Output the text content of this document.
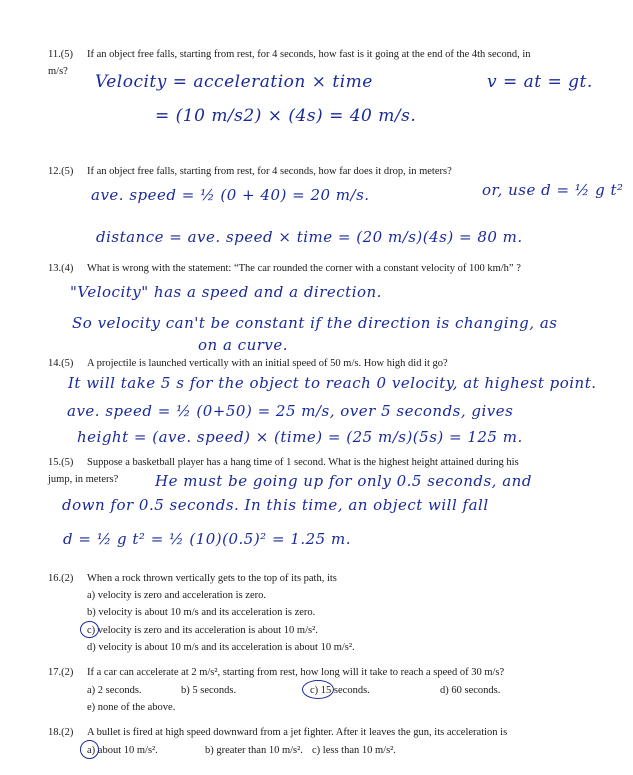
11.(5) If an object free falls, starting from rest, for 4 seconds, how fast is it going at the end of the 4th second, in
m/s?
Velocity = acceleration × time	v = at = gt.
= (10 m/s2) × (4s) = 40 m/s.
12.(5) If an object free falls, starting from rest, for 4 seconds, how far does it drop, in meters?
ave. speed = ½ (0 + 40) = 20 m/s.	or, use d = ½ g t²
distance = ave. speed × time = (20 m/s)(4s) = 80 m.
13.(4) What is wrong with the statement: “The car rounded the corner with a constant velocity of 100 km/h” ?
"Velocity" has a speed and a direction.
So velocity can't be constant if the direction is changing, as
on a curve.
14.(5) A projectile is launched vertically with an initial speed of 50 m/s. How high did it go?
It will take 5 s for the object to reach 0 velocity, at highest point.
ave. speed = ½ (0+50) = 25 m/s, over 5 seconds, gives
height = (ave. speed) × (time) = (25 m/s)(5s) = 125 m.
15.(5) Suppose a basketball player has a hang time of 1 second. What is the highest height attained during his
jump, in meters? He must be going up for only 0.5 seconds, and
down for 0.5 seconds. In this time, an object will fall
d = ½ g t² = ½ (10)(0.5)² = 1.25 m.
16.(2) When a rock thrown vertically gets to the top of its path, its
a) velocity is zero and acceleration is zero.
b) velocity is about 10 m/s and its acceleration is zero.
c) velocity is zero and its acceleration is about 10 m/s².
d) velocity is about 10 m/s and its acceleration is about 10 m/s².
17.(2) If a car can accelerate at 2 m/s², starting from rest, how long will it take to reach a speed of 30 m/s?
a) 2 seconds.	b) 5 seconds.	c) 15 seconds.	d) 60 seconds.
e) none of the above.
18.(2) A bullet is fired at high speed downward from a jet fighter. After it leaves the gun, its acceleration is
a) about 10 m/s².	b) greater than 10 m/s². c) less than 10 m/s².
